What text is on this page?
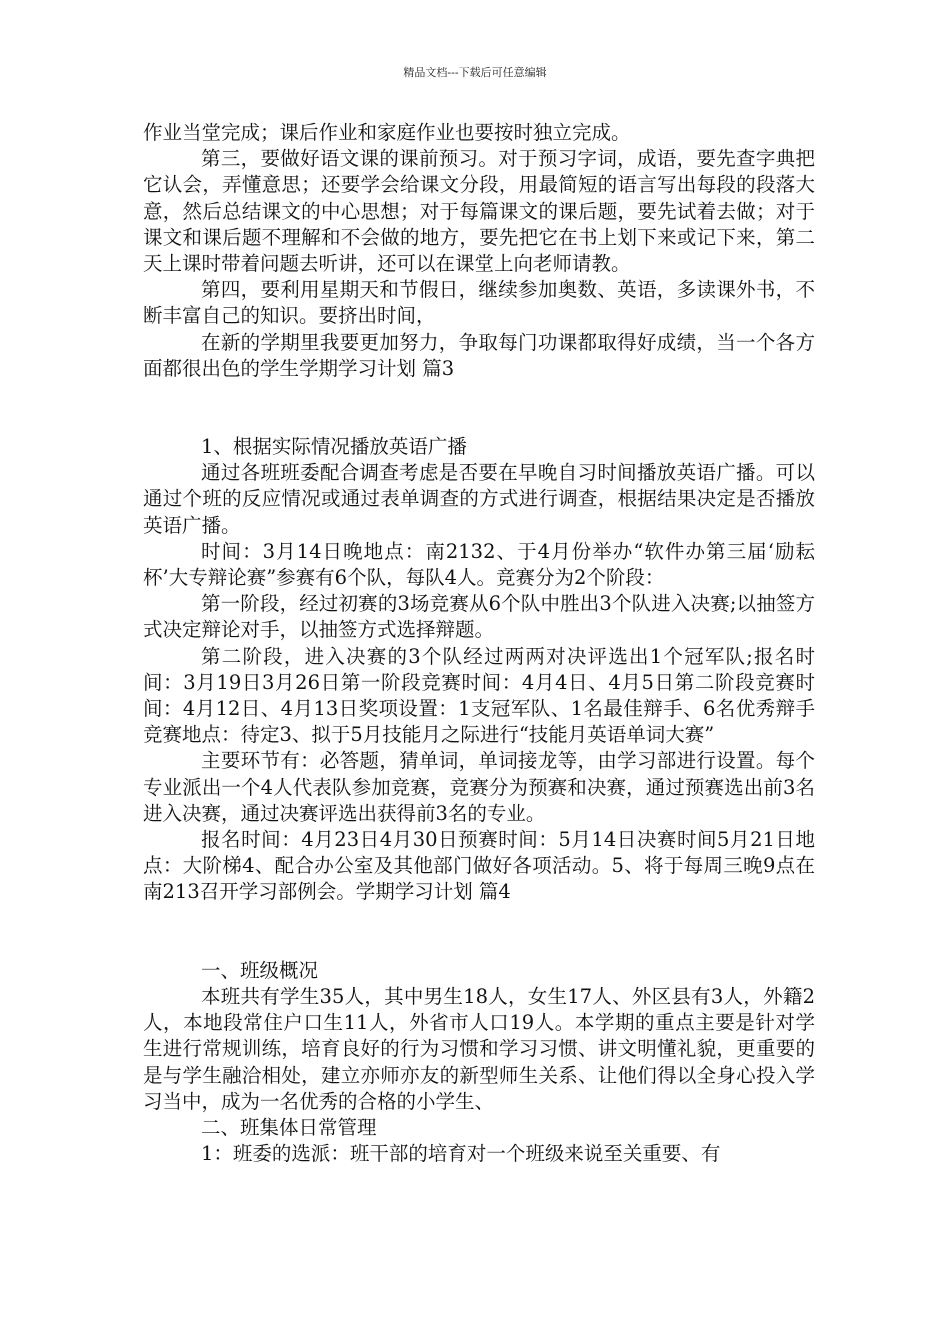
精品文档---下载后可任意编辑

作业当堂完成；课后作业和家庭作业也要按时独立完成。

第三，要做好语文课的课前预习。对于预习字词，成语，要先查字典把它认会，弄懂意思；还要学会给课文分段，用最简短的语言写出每段的段落大意，然后总结课文的中心思想；对于每篇课文的课后题，要先试着去做；对于课文和课后题不理解和不会做的地方，要先把它在书上划下来或记下来，第二天上课时带着问题去听讲，还可以在课堂上向老师请教。

第四，要利用星期天和节假日，继续参加奥数、英语，多读课外书，不断丰富自己的知识。要挤出时间，

在新的学期里我要更加努力，争取每门功课都取得好成绩，当一个各方面都很出色的学生学期学习计划 篇3

1、根据实际情况播放英语广播

通过各班班委配合调查考虑是否要在早晚自习时间播放英语广播。可以通过个班的反应情况或通过表单调查的方式进行调查，根据结果决定是否播放英语广播。

时间：3月14日晚地点：南2132、于4月份举办“软件办第三届‘励耘杯’大专辩论赛”参赛有6个队，每队4人。竞赛分为2个阶段：

第一阶段，经过初赛的3场竞赛从6个队中胜出3个队进入决赛;以抽签方式决定辩论对手，以抽签方式选择辩题。

第二阶段，进入决赛的3个队经过两两对决评选出1个冠军队;报名时间：3月19日3月26日第一阶段竞赛时间：4月4日、4月5日第二阶段竞赛时间：4月12日、4月13日奖项设置：1支冠军队、1名最佳辩手、6名优秀辩手竞赛地点：待定3、拟于5月技能月之际进行“技能月英语单词大赛”

主要环节有：必答题，猜单词，单词接龙等，由学习部进行设置。每个专业派出一个4人代表队参加竞赛，竞赛分为预赛和决赛，通过预赛选出前3名进入决赛，通过决赛评选出获得前3名的专业。

报名时间：4月23日4月30日预赛时间：5月14日决赛时间5月21日地点：大阶梯4、配合办公室及其他部门做好各项活动。5、将于每周三晚9点在南213召开学习部例会。学期学习计划 篇4

一、班级概况

本班共有学生35人，其中男生18人，女生17人、外区县有3人，外籍2人，本地段常住户口生11人，外省市人口19人。本学期的重点主要是针对学生进行常规训练，培育良好的行为习惯和学习习惯、讲文明懂礼貌，更重要的是与学生融洽相处，建立亦师亦友的新型师生关系、让他们得以全身心投入学习当中，成为一名优秀的合格的小学生、

二、班集体日常管理

1：班委的选派：班干部的培育对一个班级来说至关重要、有
